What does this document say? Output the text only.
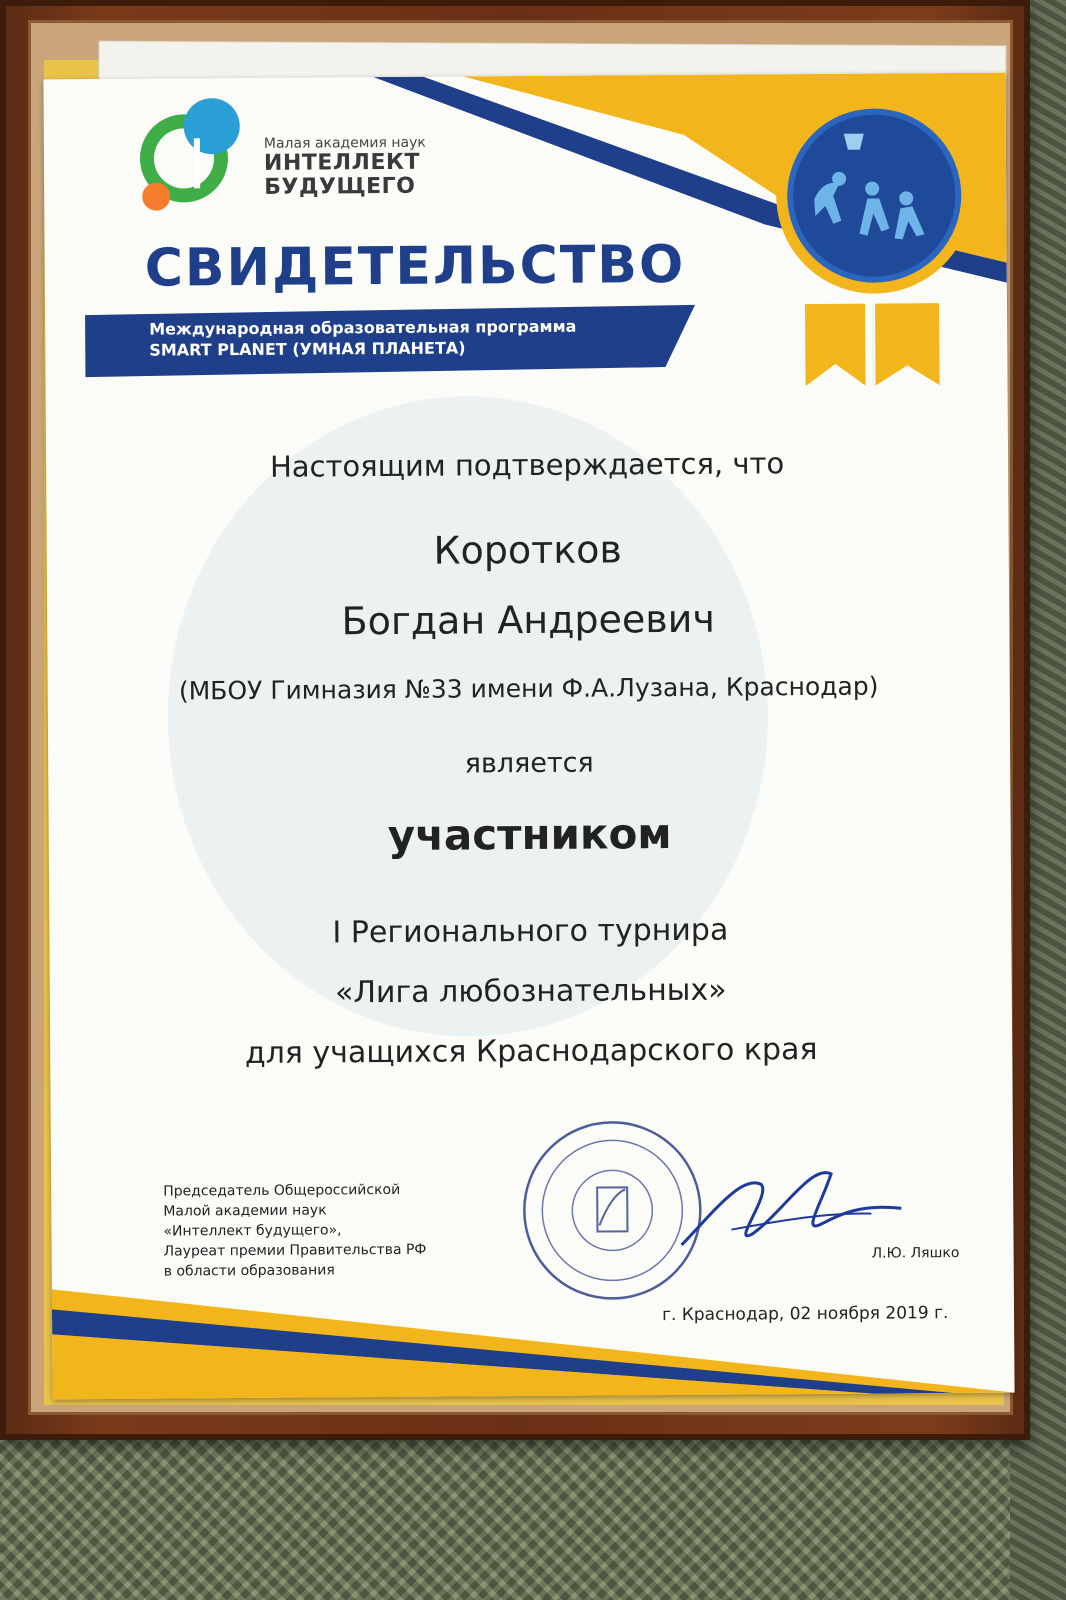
Малая академия наук
ИНТЕЛЛЕКТ
БУДУЩЕГО
СВИДЕТЕЛЬСТВО
Международная образовательная программа
SMART PLANET (УМНАЯ ПЛАНЕТА)
Настоящим подтверждается, что
Коротков
Богдан Андреевич
(МБОУ Гимназия №33 имени Ф.А.Лузана, Краснодар)
является
участником
I Регионального турнира
«Лига любознательных»
для учащихся Краснодарского края
Председатель Общероссийской
Малой академии наук
«Интеллект будущего»,
Лауреат премии Правительства РФ
в области образования
Л.Ю. Ляшко
г. Краснодар, 02 ноября 2019 г.
